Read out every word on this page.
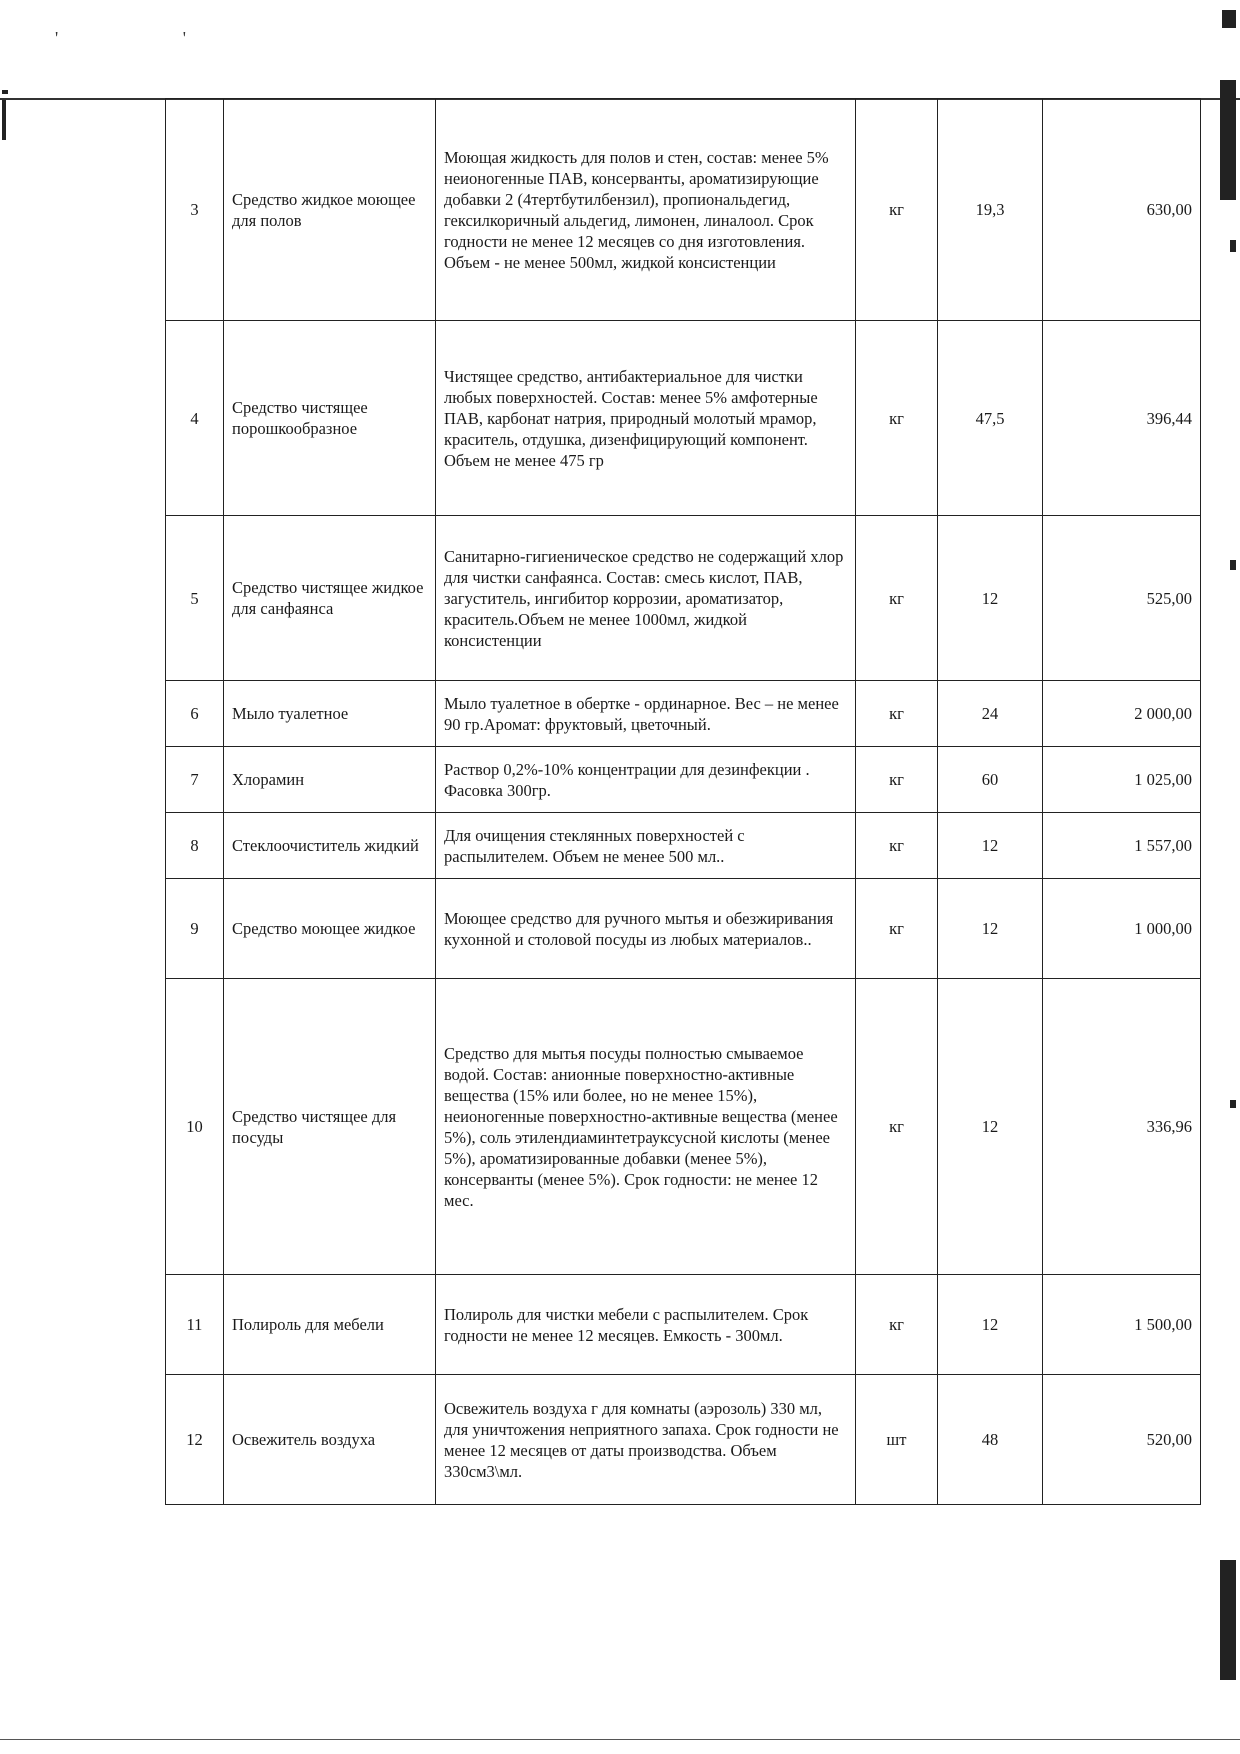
' '
3	Средство жидкое моющее для полов	Моющая жидкость для полов и стен, состав: менее 5% неионогенные ПАВ, консерванты, ароматизирующие добавки 2 (4тертбутилбензил), пропиональдегид, гексилкоричный альдегид, лимонен, линалоол. Срок годности не менее 12 месяцев со дня изготовления. Объем - не менее 500мл, жидкой консистенции	кг	19,3	630,00
4	Средство чистящее порошкообразное	Чистящее средство, антибактериальное для чистки любых поверхностей. Состав: менее 5% амфотерные ПАВ, карбонат натрия, природный молотый мрамор, краситель, отдушка, дизенфицирующий компонент. Объем не менее 475 гр	кг	47,5	396,44
5	Средство чистящее жидкое для санфаянса	Санитарно-гигиеническое средство не содержащий хлор для чистки санфаянса. Состав: смесь кислот, ПАВ, загуститель, ингибитор коррозии, ароматизатор, краситель.Объем не менее 1000мл, жидкой консистенции	кг	12	525,00
6	Мыло туалетное	Мыло туалетное в обертке - ординарное. Вес – не менее 90 гр.Аромат: фруктовый, цветочный.	кг	24	2 000,00
7	Хлорамин	Раствор 0,2%-10% концентрации для дезинфекции . Фасовка 300гр.	кг	60	1 025,00
8	Стеклоочиститель жидкий	Для очищения стеклянных поверхностей с распылителем. Объем не менее 500 мл..	кг	12	1 557,00
9	Средство моющее жидкое	Моющее средство для ручного мытья и обезжиривания кухонной и столовой посуды из любых материалов..	кг	12	1 000,00
10	Средство чистящее для посуды	Средство для мытья посуды полностью смываемое водой. Состав: анионные поверхностно-активные вещества (15% или более, но не менее 15%), неионогенные поверхностно-активные вещества (менее 5%), соль этилендиаминтетрауксусной кислоты (менее 5%), ароматизированные добавки (менее 5%), консерванты (менее 5%). Срок годности: не менее 12 мес.	кг	12	336,96
11	Полироль для мебели	Полироль для чистки мебели с распылителем. Срок годности не менее 12 месяцев. Емкость - 300мл.	кг	12	1 500,00
12	Освежитель воздуха	Освежитель воздуха г для комнаты (аэрозоль) 330 мл, для уничтожения неприятного запаха. Срок годности не менее 12 месяцев от даты производства. Объем 330см3\мл.	шт	48	520,00
